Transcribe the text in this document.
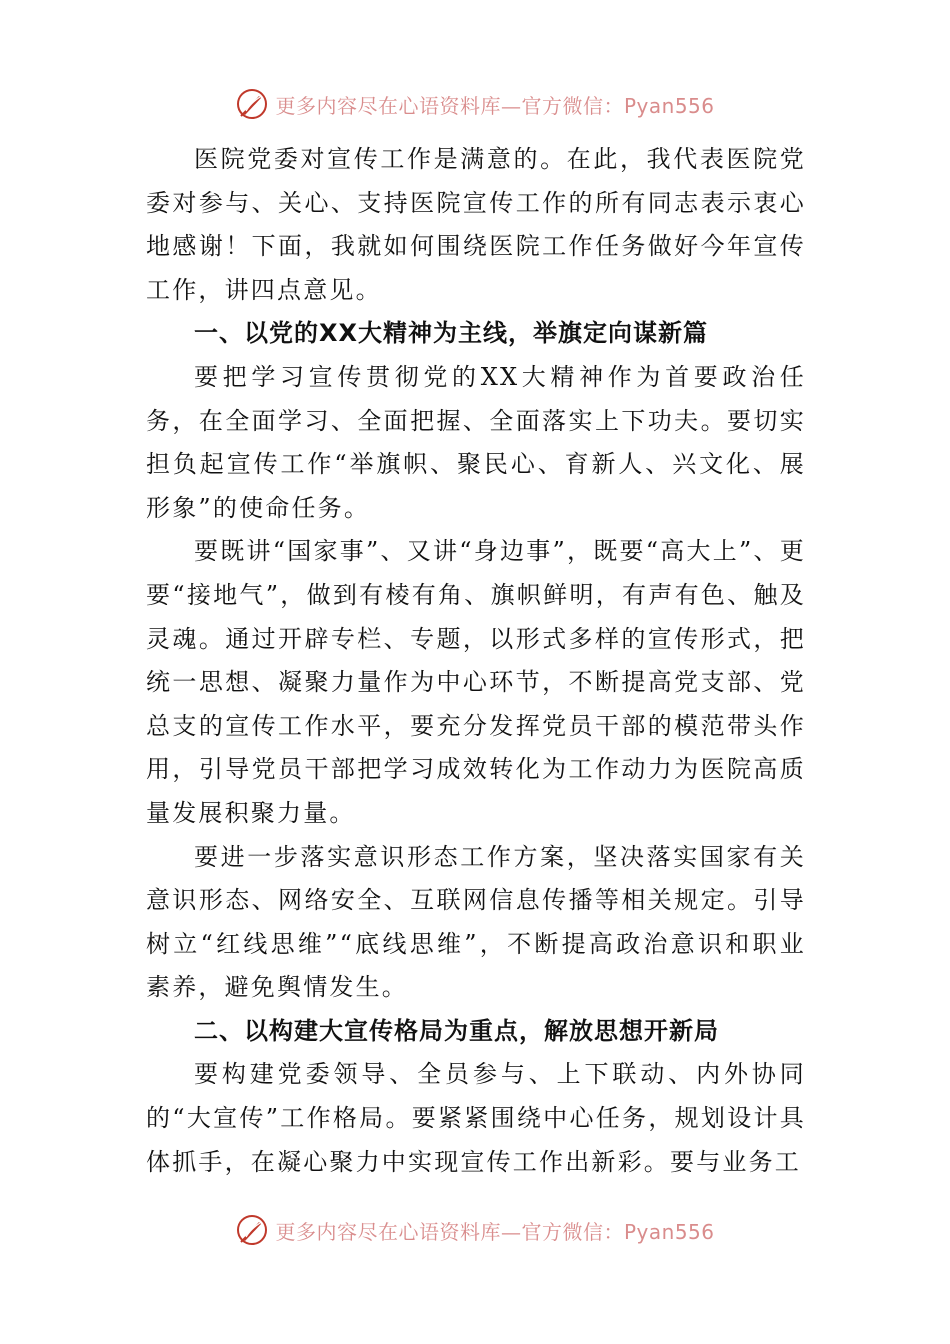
更多内容尽在心语资料库—官方微信：Pyan556

医院党委对宣传工作是满意的。在此，我代表医院党委对参与、关心、支持医院宣传工作的所有同志表示衷心地感谢！下面，我就如何围绕医院工作任务做好今年宣传工作，讲四点意见。

一、以党的XX大精神为主线，举旗定向谋新篇

要把学习宣传贯彻党的XX大精神作为首要政治任务，在全面学习、全面把握、全面落实上下功夫。要切实担负起宣传工作“举旗帜、聚民心、育新人、兴文化、展形象”的使命任务。

要既讲“国家事”、又讲“身边事”，既要“高大上”、更要“接地气”，做到有棱有角、旗帜鲜明，有声有色、触及灵魂。通过开辟专栏、专题，以形式多样的宣传形式，把统一思想、凝聚力量作为中心环节，不断提高党支部、党总支的宣传工作水平，要充分发挥党员干部的模范带头作用，引导党员干部把学习成效转化为工作动力为医院高质量发展积聚力量。

要进一步落实意识形态工作方案，坚决落实国家有关意识形态、网络安全、互联网信息传播等相关规定。引导树立“红线思维”“底线思维”，不断提高政治意识和职业素养，避免舆情发生。

二、以构建大宣传格局为重点，解放思想开新局

要构建党委领导、全员参与、上下联动、内外协同的“大宣传”工作格局。要紧紧围绕中心任务，规划设计具体抓手，在凝心聚力中实现宣传工作出新彩。要与业务工

更多内容尽在心语资料库—官方微信：Pyan556
